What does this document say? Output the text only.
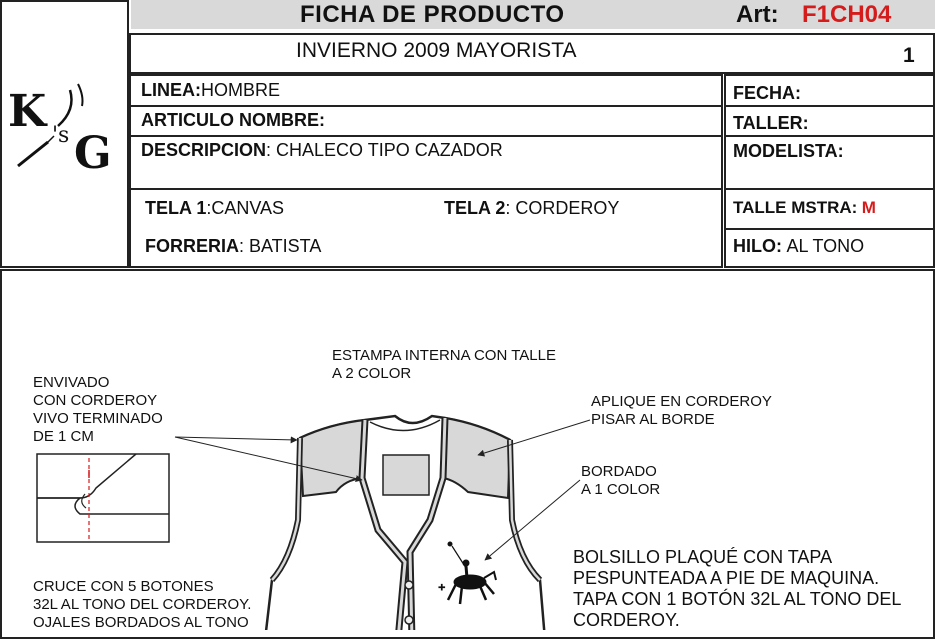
K 's G
FICHA DE PRODUCTO	Art: F1CH04
INVIERNO 2009 MAYORISTA	1
LINEA:HOMBRE
ARTICULO NOMBRE:
DESCRIPCION: CHALECO TIPO CAZADOR
TELA 1:CANVAS	TELA 2: CORDEROY
FORRERIA: BATISTA
FECHA:
TALLER:
MODELISTA:
TALLE MSTRA: M
HILO: AL TONO
+
ESTAMPA INTERNA CON TALLE
A 2 COLOR
ENVIVADO
CON CORDEROY
VIVO TERMINADO
DE 1 CM
APLIQUE EN CORDEROY
PISAR AL BORDE
BORDADO
A 1 COLOR
BOLSILLO PLAQUÉ CON TAPA
PESPUNTEADA A PIE DE MAQUINA.
TAPA CON 1 BOTÓN 32L AL TONO DEL
CORDEROY.
CRUCE CON 5 BOTONES
32L AL TONO DEL CORDEROY.
OJALES BORDADOS AL TONO
